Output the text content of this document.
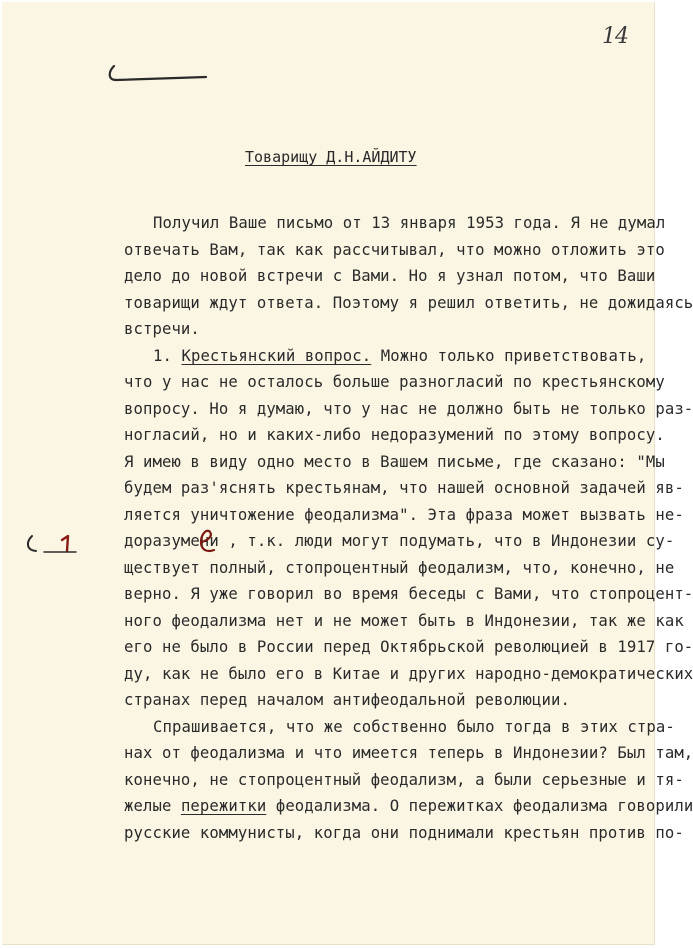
14
Товарищу Д.Н.АЙДИТУ
Получил Ваше письмо от 13 января 1953 года. Я не думал
отвечать Вам, так как рассчитывал, что можно отложить это
дело до новой встречи с Вами. Но я узнал потом, что Ваши
товарищи ждут ответа. Поэтому я решил ответить, не дожидаясь
встречи.
1. Крестьянский вопрос. Можно только приветствовать,
что у нас не осталось больше разногласий по крестьянскому
вопросу. Но я думаю, что у нас не должно быть не только раз-
ногласий, но и каких-либо недоразумений по этому вопросу.
Я имею в виду одно место в Вашем письме, где сказано: "Мы
будем раз'яснять крестьянам, что нашей основной задачей яв-
ляется уничтожение феодализма". Эта фраза может вызвать не-
доразумени , т.к. люди могут подумать, что в Индонезии су-
ществует полный, стопроцентный феодализм, что, конечно, не
верно. Я уже говорил во время беседы с Вами, что стопроцент-
ного феодализма нет и не может быть в Индонезии, так же как
его не было в России перед Октябрьской революцией в 1917 го-
ду, как не было его в Китае и других народно-демократических
странах перед началом антифеодальной революции.
Спрашивается, что же собственно было тогда в этих стра-
нах от феодализма и что имеется теперь в Индонезии? Был там,
конечно, не стопроцентный феодализм, а были серьезные и тя-
желые пережитки феодализма. О пережитках феодализма говорили
русские коммунисты, когда они поднимали крестьян против по-
е
